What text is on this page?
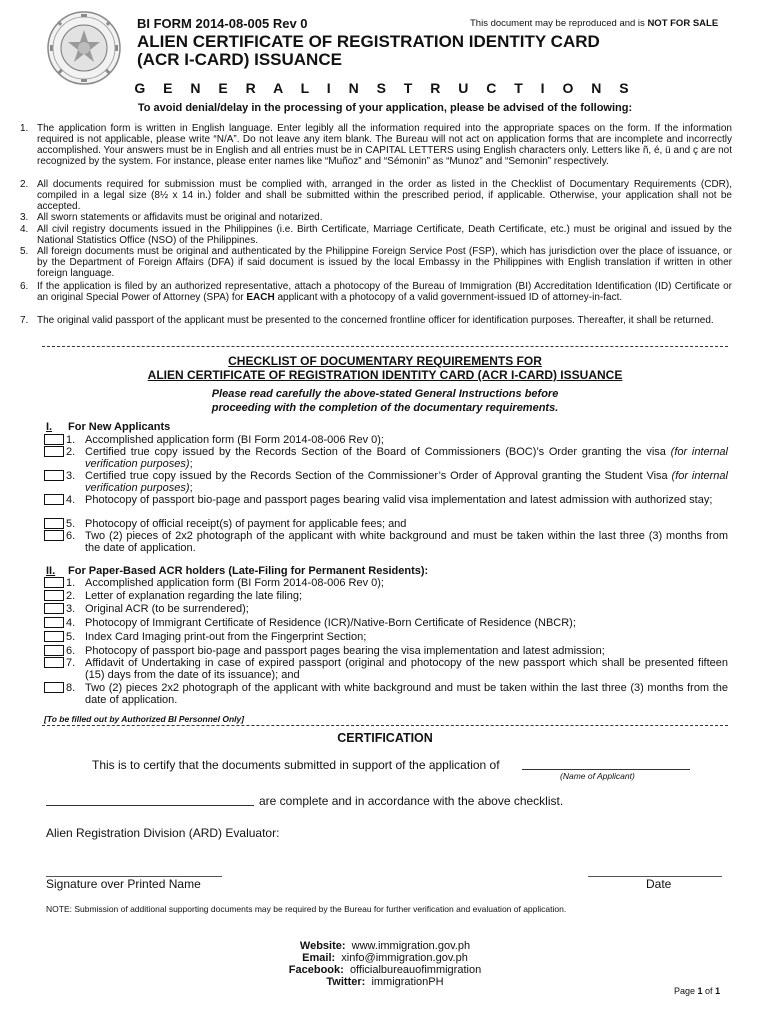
BI FORM 2014-08-005 Rev 0	This document may be reproduced and is NOT FOR SALE
ALIEN CERTIFICATE OF REGISTRATION IDENTITY CARD
(ACR I-CARD) ISSUANCE
G E N E R A L I N S T R U C T I O N S
To avoid denial/delay in the processing of your application, please be advised of the following:
1. The application form is written in English language. Enter legibly all the information required into the appropriate spaces on the form. If the information required is not applicable, please write “N/A”. Do not leave any item blank. The Bureau will not act on application forms that are incomplete and incorrectly accomplished. Your answers must be in English and all entries must be in CAPITAL LETTERS using English characters only. Letters like ñ, é, ü and ç are not recognized by the system. For instance, please enter names like “Muñoz” and “Sémonin” as “Munoz” and “Semonin” respectively.
2. All documents required for submission must be complied with, arranged in the order as listed in the Checklist of Documentary Requirements (CDR), compiled in a legal size (8½ x 14 in.) folder and shall be submitted within the prescribed period, if applicable. Otherwise, your application shall not be accepted.
3. All sworn statements or affidavits must be original and notarized.
4. All civil registry documents issued in the Philippines (i.e. Birth Certificate, Marriage Certificate, Death Certificate, etc.) must be original and issued by the National Statistics Office (NSO) of the Philippines.
5. All foreign documents must be original and authenticated by the Philippine Foreign Service Post (FSP), which has jurisdiction over the place of issuance, or by the Department of Foreign Affairs (DFA) if said document is issued by the local Embassy in the Philippines with English translation if written in other foreign language.
6. If the application is filed by an authorized representative, attach a photocopy of the Bureau of Immigration (BI) Accreditation Identification (ID) Certificate or an original Special Power of Attorney (SPA) for EACH applicant with a photocopy of a valid government-issued ID of attorney-in-fact.
7. The original valid passport of the applicant must be presented to the concerned frontline officer for identification purposes. Thereafter, it shall be returned.
CHECKLIST OF DOCUMENTARY REQUIREMENTS FOR
ALIEN CERTIFICATE OF REGISTRATION IDENTITY CARD (ACR I-CARD) ISSUANCE
Please read carefully the above-stated General Instructions before
proceeding with the completion of the documentary requirements.
I. For New Applicants
1. Accomplished application form (BI Form 2014-08-006 Rev 0);
2. Certified true copy issued by the Records Section of the Board of Commissioners (BOC)’s Order granting the visa (for internal verification purposes);
3. Certified true copy issued by the Records Section of the Commissioner’s Order of Approval granting the Student Visa (for internal verification purposes);
4. Photocopy of passport bio-page and passport pages bearing valid visa implementation and latest admission with authorized stay;
5. Photocopy of official receipt(s) of payment for applicable fees; and
6. Two (2) pieces of 2x2 photograph of the applicant with white background and must be taken within the last three (3) months from the date of application.
II. For Paper-Based ACR holders (Late-Filing for Permanent Residents):
1. Accomplished application form (BI Form 2014-08-006 Rev 0);
2. Letter of explanation regarding the late filing;
3. Original ACR (to be surrendered);
4. Photocopy of Immigrant Certificate of Residence (ICR)/Native-Born Certificate of Residence (NBCR);
5. Index Card Imaging print-out from the Fingerprint Section;
6. Photocopy of passport bio-page and passport pages bearing the visa implementation and latest admission;
7. Affidavit of Undertaking in case of expired passport (original and photocopy of the new passport which shall be presented fifteen (15) days from the date of its issuance); and
8. Two (2) pieces 2x2 photograph of the applicant with white background and must be taken within the last three (3) months from the date of application.
[To be filled out by Authorized BI Personnel Only]
CERTIFICATION
This is to certify that the documents submitted in support of the application of
(Name of Applicant)
are complete and in accordance with the above checklist.
Alien Registration Division (ARD) Evaluator:
Signature over Printed Name	Date
NOTE: Submission of additional supporting documents may be required by the Bureau for further verification and evaluation of application.
Website: www.immigration.gov.ph
Email: xinfo@immigration.gov.ph
Facebook: officialbureauofimmigration
Twitter: immigrationPH
Page 1 of 1
